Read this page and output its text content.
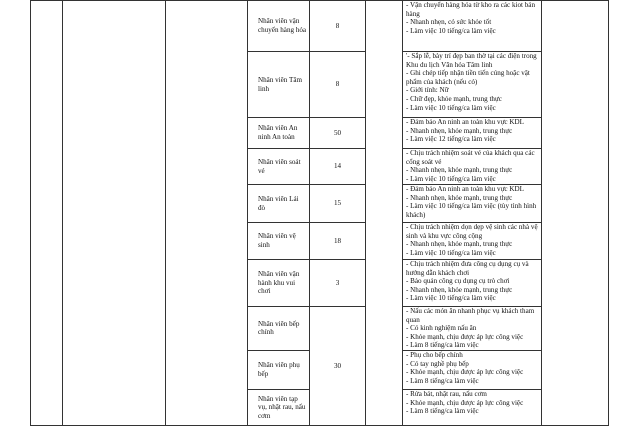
			Nhân viên vận chuyển hàng hóa	8		- Vận chuyển hàng hóa từ kho ra các kiot bán hàng
- Nhanh nhẹn, có sức khỏe tốt
- Làm việc 10 tiếng/ca làm việc	

			Nhân viên Tâm linh	8		'- Sắp lễ, bày trí đẹp ban thờ tại các điện trong Khu du lịch Văn hóa Tâm linh
- Ghi chép tiếp nhận tiền tiến cúng hoặc vật phẩm của khách (nếu có)
- Giới tính: Nữ
- Chữ đẹp, khỏe mạnh, trung thực
- Làm việc 10 tiếng/ca làm việc	

			Nhân viên An ninh An toàn	50		- Đảm bảo An ninh an toàn khu vực KDL
- Nhanh nhẹn, khỏe mạnh, trung thực
- Làm việc 12 tiếng/ca làm việc	

			Nhân viên soát vé	14		- Chịu trách nhiệm soát vé của khách qua các cổng soát vé
- Nhanh nhẹn, khỏe mạnh, trung thực
- Làm việc 10 tiếng/ca làm việc	

			Nhân viên Lái đò	15		- Đảm bảo An ninh an toàn khu vực KDL
- Nhanh nhẹn, khỏe mạnh, trung thực
- Làm việc 10 tiếng/ca làm việc (tùy tình hình khách)	

			Nhân viên vệ sinh	18		- Chịu trách nhiệm dọn dẹp vệ sinh các nhà vệ sinh và khu vực công cộng
- Nhanh nhẹn, khỏe mạnh, trung thực
- Làm việc 10 tiếng/ca làm việc	

			Nhân viên vận hành khu vui chơi	3		- Chịu trách nhiệm đưa công cụ dụng cụ và hướng dẫn khách chơi
- Bảo quản công cụ dụng cụ trò chơi
- Nhanh nhẹn, khỏe mạnh, trung thực
- Làm việc 10 tiếng/ca làm việc	

			Nhân viên bếp chính	30		- Nấu các món ăn nhanh phục vụ khách tham quan
- Có kinh nghiệm nấu ăn
- Khỏe mạnh, chịu được áp lực công việc
- Làm 8 tiếng/ca làm việc	

			Nhân viên phụ bếp			- Phụ cho bếp chính
- Có tay nghề phụ bếp
- Khỏe mạnh, chịu được áp lực công việc
- Làm 8 tiếng/ca làm việc	

			Nhân viên tạp vụ, nhặt rau, nấu cơm			- Rửa bát, nhặt rau, nấu cơm
- Khỏe mạnh, chịu được áp lực công việc
- Làm 8 tiếng/ca làm việc	
